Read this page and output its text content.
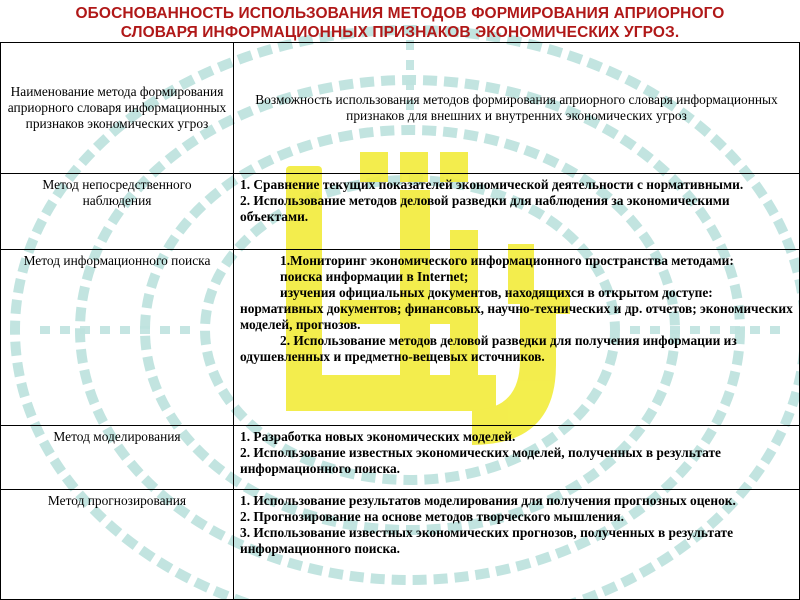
ОБОСНОВАННОСТЬ ИСПОЛЬЗОВАНИЯ МЕТОДОВ ФОРМИРОВАНИЯ АПРИОРНОГО
СЛОВАРЯ ИНФОРМАЦИОННЫХ ПРИЗНАКОВ ЭКОНОМИЧЕСКИХ УГРОЗ.
Наименование метода формирования априорного словаря информационных признаков экономических угроз	Возможность использования методов формирования априорного словаря информационных признаков для внешних и внутренних экономических угроз
Метод непосредственного наблюдения	1. Сравнение текущих показателей экономической деятельности с нормативными.
2. Использование методов деловой разведки для наблюдения за экономическими объектами.

Метод информационного поиска	1.Мониторинг экономического информационного пространства методами:
поиска информации в Internet;
изучения официальных документов, находящихся в открытом доступе: нормативных документов; финансовых, научно-технических и др. отчетов; экономических моделей, прогнозов.
2. Использование методов деловой разведки для получения информации из одушевленных и предметно-вещевых источников.

Метод моделирования	1. Разработка новых экономических моделей.
2. Использование известных экономических моделей, полученных в результате информационного поиска.

Метод прогнозирования	1. Использование результатов моделирования для получения прогнозных оценок.
2. Прогнозирование на основе методов творческого мышления.
3. Использование известных экономических прогнозов, полученных в результате информационного поиска.
